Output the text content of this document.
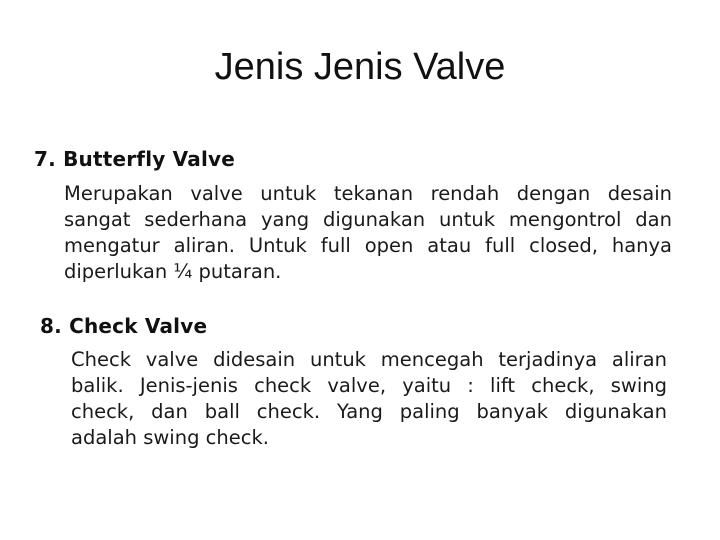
Jenis Jenis Valve

7. Butterfly Valve

Merupakan valve untuk tekanan rendah dengan desain
sangat sederhana yang digunakan untuk mengontrol dan
mengatur aliran. Untuk full open atau full closed, hanya
diperlukan ¼ putaran.

8. Check Valve

Check valve didesain untuk mencegah terjadinya aliran
balik. Jenis-jenis check valve, yaitu : lift check, swing
check, dan ball check. Yang paling banyak digunakan
adalah swing check.
